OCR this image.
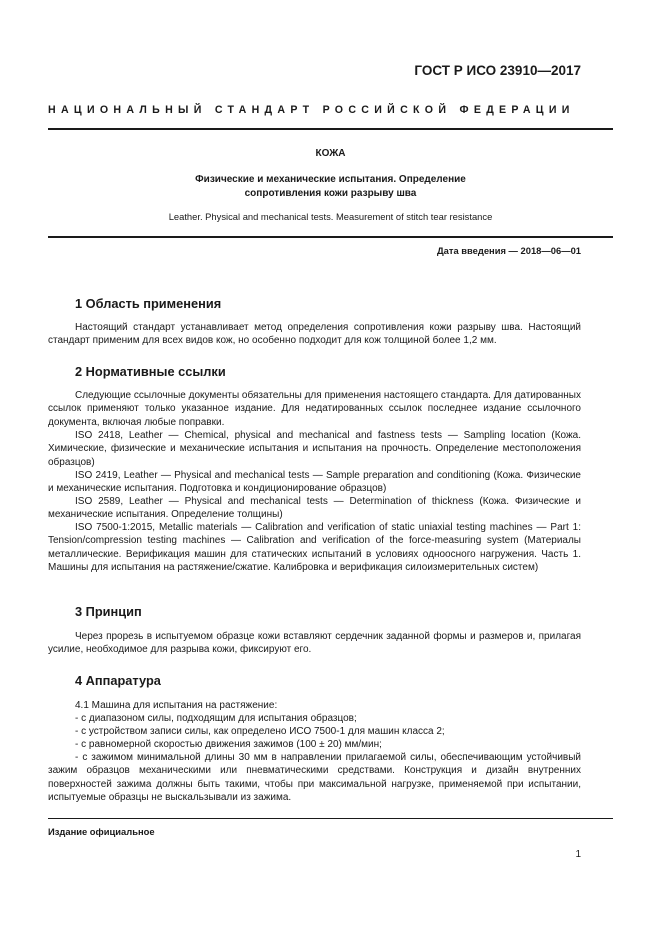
ГОСТ Р ИСО 23910—2017
НАЦИОНАЛЬНЫЙ СТАНДАРТ РОССИЙСКОЙ ФЕДЕРАЦИИ
КОЖА
Физические и механические испытания. Определение
сопротивления кожи разрыву шва
Leather. Physical and mechanical tests. Measurement of stitch tear resistance
Дата введения — 2018—06—01
1 Область применения
Настоящий стандарт устанавливает метод определения сопротивления кожи разрыву шва. Настоящий стандарт применим для всех видов кож, но особенно подходит для кож толщиной более 1,2 мм.
2 Нормативные ссылки
Следующие ссылочные документы обязательны для применения настоящего стандарта. Для датированных ссылок применяют только указанное издание. Для недатированных ссылок последнее издание ссылочного документа, включая любые поправки.
ISO 2418, Leather — Chemical, physical and mechanical and fastness tests — Sampling location (Кожа. Химические, физические и механические испытания и испытания на прочность. Определение местоположения образцов)
ISO 2419, Leather — Physical and mechanical tests — Sample preparation and conditioning (Кожа. Физические и механические испытания. Подготовка и кондиционирование образцов)
ISO 2589, Leather — Physical and mechanical tests — Determination of thickness (Кожа. Физические и механические испытания. Определение толщины)
ISO 7500-1:2015, Metallic materials — Calibration and verification of static uniaxial testing machines — Part 1: Tension/compression testing machines — Calibration and verification of the force-measuring system (Материалы металлические. Верификация машин для статических испытаний в условиях одноосного нагружения. Часть 1. Машины для испытания на растяжение/сжатие. Калибровка и верификация силоизмерительных систем)
3 Принцип
Через прорезь в испытуемом образце кожи вставляют сердечник заданной формы и размеров и, прилагая усилие, необходимое для разрыва кожи, фиксируют его.
4 Аппаратура
4.1 Машина для испытания на растяжение:
- с диапазоном силы, подходящим для испытания образцов;
- с устройством записи силы, как определено ИСО 7500-1 для машин класса 2;
- с равномерной скоростью движения зажимов (100 ± 20) мм/мин;
- с зажимом минимальной длины 30 мм в направлении прилагаемой силы, обеспечивающим устойчивый зажим образцов механическими или пневматическими средствами. Конструкция и дизайн внутренних поверхностей зажима должны быть такими, чтобы при максимальной нагрузке, применяемой при испытании, испытуемые образцы не выскальзывали из зажима.
Издание официальное
1
